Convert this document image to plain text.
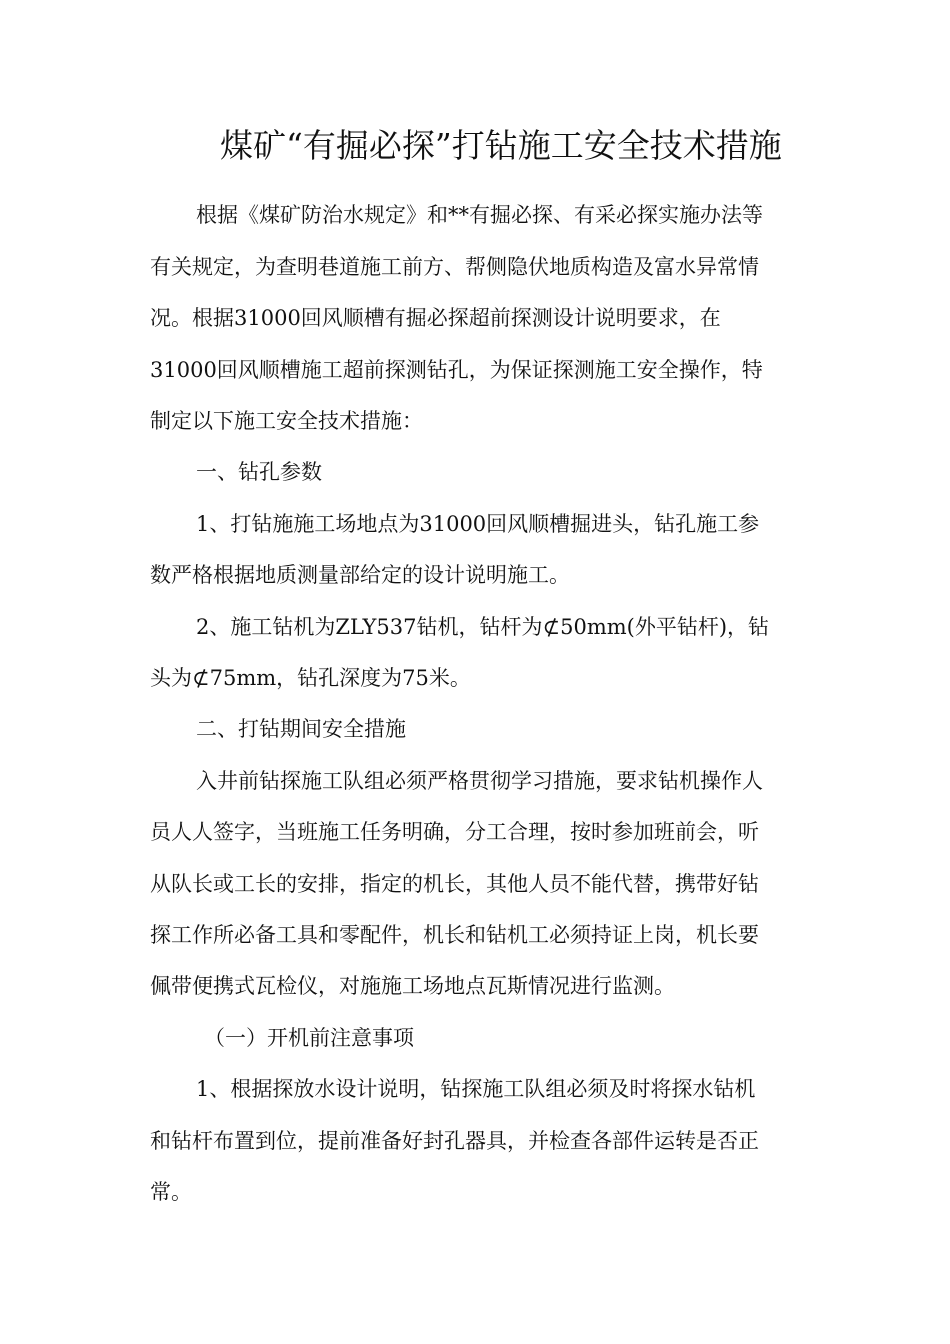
煤矿“有掘必探”打钻施工安全技术措施
根据《煤矿防治水规定》和**有掘必探、有采必探实施办法等
有关规定，为查明巷道施工前方、帮侧隐伏地质构造及富水异常情
况。根据31000回风顺槽有掘必探超前探测设计说明要求，在
31000回风顺槽施工超前探测钻孔，为保证探测施工安全操作，特
制定以下施工安全技术措施：
一、钻孔参数
1、打钻施施工场地点为31000回风顺槽掘进头，钻孔施工参
数严格根据地质测量部给定的设计说明施工。
2、施工钻机为ZLY537钻机，钻杆为⊄50mm(外平钻杆)，钻
头为⊄75mm，钻孔深度为75米。
二、打钻期间安全措施
入井前钻探施工队组必须严格贯彻学习措施，要求钻机操作人
员人人签字，当班施工任务明确，分工合理，按时参加班前会，听
从队长或工长的安排，指定的机长，其他人员不能代替，携带好钻
探工作所必备工具和零配件，机长和钻机工必须持证上岗，机长要
佩带便携式瓦检仪，对施施工场地点瓦斯情况进行监测。
（一）开机前注意事项
1、根据探放水设计说明，钻探施工队组必须及时将探水钻机
和钻杆布置到位，提前准备好封孔器具，并检查各部件运转是否正
常。
